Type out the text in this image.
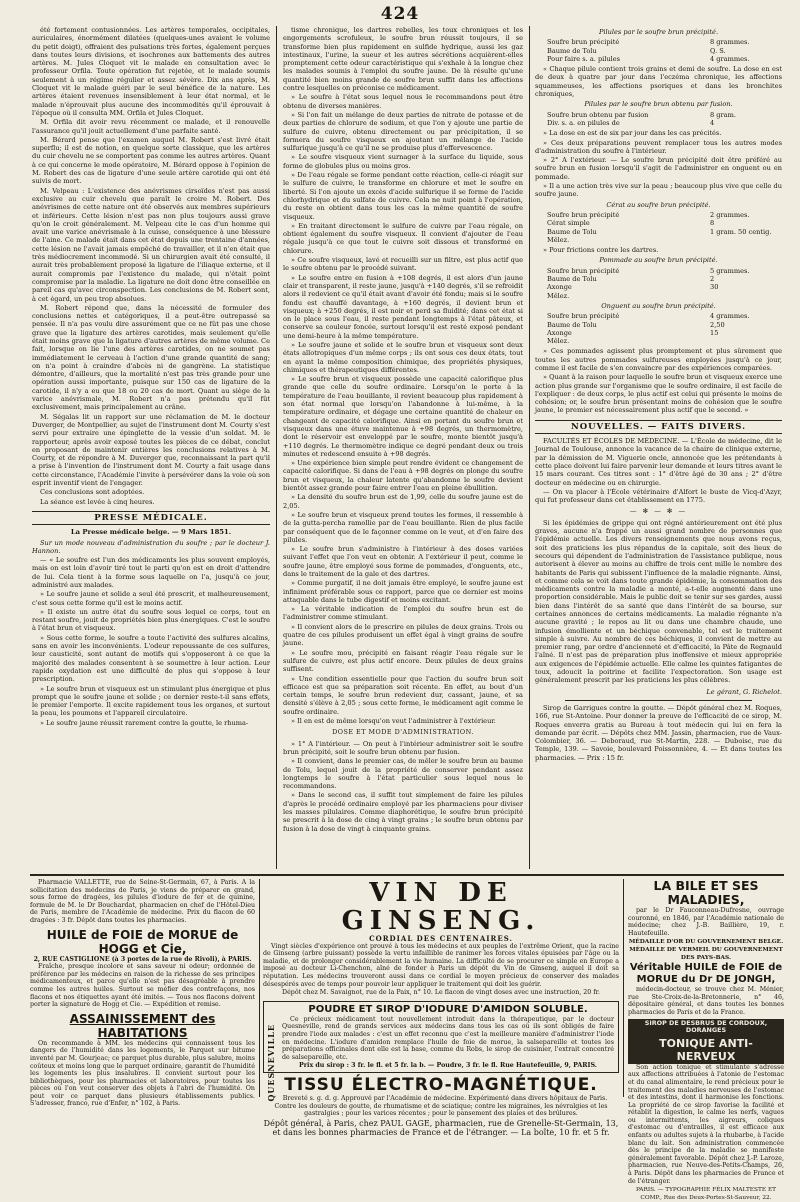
424

été fortement contusionnées. Les artères temporales, occipitales, auriculaires, énormément dilatées (quelques-unes avaient le volume du petit doigt), offraient des pulsations très fortes, également perçues dans toutes leurs divisions, et isochrones aux battements des autres artères. M. Jules Cloquet vit le malade en consultation avec le professeur Orfila. Toute opération fut rejetée, et le malade soumis seulement à un régime régulier et assez sévère. Dix ans après, M. Cloquet vit le malade guéri par le seul bénéfice de la nature. Les artères étaient revenues insensiblement à leur état normal, et le malade n'éprouvait plus aucune des incommodités qu'il éprouvait à l'époque où il consulta MM. Orfila et Jules Cloquet.

M. Orfila dit avoir revu récemment ce malade, et il renouvelle l'assurance qu'il jouit actuellement d'une parfaite santé.

M. Bérard pense que l'examen auquel M. Robert s'est livré était superflu; il est de notion, en quelque sorte classique, que les artères du cuir chevelu ne se comportent pas comme les autres artères. Quant à ce qui concerne le mode opératoire, M. Bérard oppose à l'opinion de M. Robert des cas de ligature d'une seule artère carotide qui ont été suivis de mort.

M. Velpeau : L'existence des anévrismes cirsoïdes n'est pas aussi exclusive au cuir chevelu que paraît le croire M. Robert. Des anévrismes de cette nature ont été observés aux membres supérieurs et inférieurs. Cette lésion n'est pas non plus toujours aussi grave qu'on le croit généralement. M. Velpeau cite le cas d'un homme qui avait une varice anévrismale à la cuisse, conséquence à une blessure de l'aine. Ce malade était dans cet état depuis une trentaine d'années, cette lésion ne l'avait jamais empêché de travailler, et il n'en était que très médiocrement incommodé. Si un chirurgien avait été consulté, il aurait très probablement proposé la ligature de l'iliaque externe, et il aurait compromis par l'existence du malade, qui n'était point compromise par la maladie. La ligature ne doit donc être conseillée en pareil cas qu'avec circonspection. Les conclusions de M. Robert sont, à cet égard, un peu trop absolues.

M. Robert répond que, dans la nécessité de formuler des conclusions nettes et catégoriques, il a peut-être outrepassé sa pensée. Il n'a pas voulu dire assurément que ce ne fût pas une chose grave que la ligature des artères carotides, mais seulement qu'elle était moins grave que la ligature d'autres artères de même volume. Ce fait, lorsque on lie l'une des artères carotides, on ne soumet pas immédiatement le cerveau à l'action d'une grande quantité de sang; on n'a point à craindre d'abcès ni de gangrène. La statistique démontre, d'ailleurs, que la mortalité n'est pas très grande pour une opération aussi importante, puisque sur 150 cas de ligature de la carotide, il n'y a eu que 18 ou 20 cas de mort. Quant au siège de la varice anévrismale, M. Robert n'a pas prétendu qu'il fût exclusivement, mais principalement au crâne.

M. Ségalas lit un rapport sur une réclamation de M. le docteur Duverger, de Montpellier, au sujet de l'instrument dont M. Courty s'est servi pour extraire une épinglette de la vessie d'un soldat. M. le rapporteur, après avoir exposé toutes les pièces de ce débat, conclut en proposant de maintenir entières les conclusions relatives à M. Courty, et de répondre à M. Duverger que, reconnaissant la part qu'il a prise à l'invention de l'instrument dont M. Courty a fait usage dans cette circonstance, l'Académie l'invite à persévérer dans la voie où son esprit inventif vient de l'engager.

Ces conclusions sont adoptées.

La séance est levée à cinq heures.

PRESSE MÉDICALE.
La Presse médicale belge. — 9 Mars 1851.

Sur un mode nouveau d'administration du soufre ; par le docteur J. Hannon.

— « Le soufre est l'un des médicaments les plus souvent employés, mais on est loin d'avoir tiré tout le parti qu'on est en droit d'attendre de lui. Cela tient à la forme sous laquelle on l'a, jusqu'à ce jour, administré aux malades.

» Le soufre jaune et solide a seul été prescrit, et malheureusement, c'est sous cette forme qu'il est le moins actif.

» Il existe un autre état du soufre sous lequel ce corps, tout en restant soufre, jouit de propriétés bien plus énergiques. C'est le soufre à l'état brun et visqueux.

» Sous cette forme, le soufre a toute l'activité des sulfures alcalins, sans en avoir les inconvénients. L'odeur repoussante de ces sulfures, leur causticité, sont autant de motifs qui s'opposeront à ce que la majorité des malades consentent à se soumettre à leur action. Leur rapide oxydation est une difficulté de plus qui s'oppose à leur prescription.

» Le soufre brun et visqueux est un stimulant plus énergique et plus prompt que le soufre jaune et solide ; ce dernier reste-t-il sans effets, le premier l'emporte. Il excite rapidement tous les organes, et surtout la peau, les poumons et l'appareil circulatoire.

» Le soufre jaune réussit rarement contre la goutte, le rhuma-

tisme chronique, les dartres rebelles, les toux chroniques et les engorgements scrofuleux, le soufre brun réussit toujours, il se transforme bien plus rapidement en sulfide hydrique, aussi les gaz intestinaux, l'urine, la sueur et les autres sécrétions acquièrent-elles promptement cette odeur caractéristique qui s'exhale à la longue chez les malades soumis à l'emploi du soufre jaune. De là résulte qu'une quantité bien moins grande de soufre brun suffit dans les affections contre lesquelles on préconise ce médicament.

» Le soufre à l'état sous lequel nous le recommandons peut être obtenu de diverses manières.

» Si l'on fait un mélange de deux parties de nitrate de potasse et de deux parties de chlorure de sodium, et que l'on y ajoute une partie de sulfure de cuivre, obtenu directement ou par précipitation, il se formera du soufre visqueux en ajoutant un mélange de l'acide sulfurique jusqu'à ce qu'il ne se produise plus d'effervescence.

» Le soufre visqueux vient surnager à la surface du liquide, sous forme de globules plus ou moins gros.

» De l'eau régale se forme pendant cette réaction, celle-ci réagit sur le sulfure de cuivre, le transforme en chlorure et met le soufre en liberté. Si l'on ajoute un excès d'acide sulfurique il se forme de l'acide chlorhydrique et du sulfate de cuivre. Cela ne nuit point à l'opération, du reste on obtient dans tous les cas la même quantité de soufre visqueux.

» En traitant directement le sulfure de cuivre par l'eau régale, on obtient également du soufre visqueux. Il convient d'ajouter de l'eau régale jusqu'à ce que tout le cuivre soit dissous et transformé en chlorure.

» Ce soufre visqueux, lavé et recueilli sur un filtre, est plus actif que le soufre obtenu par le procédé suivant.

» Le soufre entre en fusion à +108 degrés, il est alors d'un jaune clair et transparent, il reste jaune, jusqu'à +140 degrés, s'il se refroidit alors il redevient ce qu'il était avant d'avoir été fondu; mais si le soufre fondu est chauffé davantage, à +160 degrés, il devient brun et visqueux; à +250 degrés, il est noir et perd sa fluidité; dans cet état si on le place sous l'eau, il reste pendant longtemps à l'état pâteux, et conserve sa couleur foncée, surtout lorsqu'il est resté exposé pendant une demi-heure à la même température.

» Le soufre jaune et solide et le soufre brun et visqueux sont deux états allotropiques d'un même corps ; ils ont sous ces deux états, tout en ayant la même composition chimique, des propriétés physiques, chimiques et thérapeutiques différentes.

» Le soufre brun et visqueux possède une capacité calorifique plus grande que celle du soufre ordinaire. Lorsqu'on le porte à la température de l'eau bouillante, il revient beaucoup plus rapidement à son état normal que lorsqu'on l'abandonne à lui-même, à la température ordinaire, et dégage une certaine quantité de chaleur en changeant de capacité calorifique. Ainsi en portant du soufre brun et visqueux dans une étuve maintenue à +98 degrés, un thermomètre, dont le réservoir est enveloppé par le soufre, monte bientôt jusqu'à +110 degrés. Le thermomètre indique ce degré pendant deux ou trois minutes et redescend ensuite à +98 degrés.

» Une expérience bien simple peut rendre évident ce changement de capacité calorifique. Si dans de l'eau à +98 degrés on plonge du soufre brun et visqueux, la chaleur latente qu'abandonne le soufre devient bientôt assez grande pour faire entrer l'eau en pleine ébullition.

» La densité du soufre brun est de 1,99, celle du soufre jaune est de 2,05.

» Le soufre brun et visqueux prend toutes les formes, il ressemble à de la gutta-percha ramollie par de l'eau bouillante. Rien de plus facile par conséquent que de le façonner comme on le veut, et d'en faire des pilules.

» Le soufre brun s'administre à l'intérieur à des doses variées suivant l'effet que l'on veut en obtenir. A l'extérieur il peut, comme le soufre jaune, être employé sous forme de pommades, d'onguents, etc., dans le traitement de la gale et des dartres.

» Comme purgatif, il ne doit jamais être employé, le soufre jaune est infiniment préférable sous ce rapport, parce que ce dernier est moins attaquable dans le tube digestif et moins excitant.

» La véritable indication de l'emploi du soufre brun est de l'administrer comme stimulant.

» Il convient alors de le prescrire en pilules de deux grains. Trois ou quatre de ces pilules produisent un effet égal à vingt grains de soufre jaune.

» Le soufre mou, précipité en faisant réagir l'eau régale sur le sulfure de cuivre, est plus actif encore. Deux pilules de deux grains suffisent.

» Une condition essentielle pour que l'action du soufre brun soit efficace est que sa préparation soit récente. En effet, au bout d'un certain temps, le soufre brun redevient dur, cassant, jaune, et sa densité s'élève à 2,05 ; sous cette forme, le médicament agit comme le soufre ordinaire.

» Il en est de même lorsqu'on veut l'administrer à l'extérieur.

DOSE ET MODE D'ADMINISTRATION.

» 1° A l'intérieur. — On peut à l'intérieur administrer soit le soufre brun précipité, soit le soufre brun obtenu par fusion.

» Il convient, dans le premier cas, de mêler le soufre brun au baume de Tolu, lequel jouit de la propriété de conserver pendant assez longtemps le soufre à l'état particulier sous lequel nous le recommandons.

» Dans le second cas, il suffit tout simplement de faire les pilules d'après le procédé ordinaire employé par les pharmaciens pour diviser les masses pilulaires. Comme diaphorétique, le soufre brun précipité se prescrit à la dose de cinq à vingt grains ; le soufre brun obtenu par fusion à la dose de vingt à cinquante grains.

Pilules par le soufre brun précipité.
Soufre brun précipité	8 grammes.
Baume de Tolu	Q. S.
Pour faire s. a. pilules	4 grammes.

« Chaque pilule contient trois grains et demi de soufre. La dose en est de deux à quatre par jour dans l'eczéma chronique, les affections squammeuses, les affections psoriques et dans les bronchites chroniques,

Pilules par le soufre brun obtenu par fusion.
Soufre brun obtenu par fusion	8 gram.
Div. s. a. en pilules de	4

» La dose en est de six par jour dans les cas précités.

» Ces deux préparations peuvent remplacer tous les autres modes d'administration du soufre à l'intérieur.

» 2° A l'extérieur. — Le soufre brun précipité doit être préféré au soufre brun en fusion lorsqu'il s'agit de l'administrer en onguent ou en pommade.

» Il a une action très vive sur la peau ; beaucoup plus vive que celle du soufre jaune.

Cérat au soufre brun précipité.
Soufre brun précipité	2 grammes.
Cérat simple	8
Baume de Tolu	1 gram. 50 centig.
Mêlez.

» Pour frictions contre les dartres.

Pommade au soufre brun précipité.
Soufre brun précipité	5 grammes.
Baume de Tolu	2
Axonge	30
Mêlez.
Onguent au soufre brun précipité.
Soufre brun précipité	4 grammes.
Baume de Tolu	2,50
Axonge	15
Mêlez.

» Ces pommades agissent plus promptement et plus sûrement que toutes les autres pommades sulfureuses employées jusqu'à ce jour, comme il est facile de s'en convaincre par des expériences comparées.

» Quant à la raison pour laquelle le soufre brun et visqueux exerce une action plus grande sur l'organisme que le soufre ordinaire, il est facile de l'expliquer : de deux corps, le plus actif est celui qui présente le moins de cohésion; or, le soufre brun présentant moins de cohésion que le soufre jaune, le premier est nécessairement plus actif que le second. »

NOUVELLES. — FAITS DIVERS.

FACULTÉS ET ÉCOLES DE MÉDECINE. — L'École de médecine, dit le Journal de Toulouse, annonce la vacance de la chaire de clinique externe, par la démission de M. Viguerie oncle, annoncée que les prétendants à cette place doivent lui faire parvenir leur demande et leurs titres avant le 15 mars courant. Ces titres sont : 1° d'être âgé de 30 ans ; 2° d'être docteur en médecine ou en chirurgie.

— On va placer à l'École vétérinaire d'Alfort le buste de Vicq-d'Azyr, qui fut professeur dans cet établissement en 1775.

— ✻ — ✻ —

Si les épidémies de grippe qui ont régné antérieurement ont été plus graves, aucune n'a frappé un aussi grand nombre de personnes que l'épidémie actuelle. Les divers renseignements que nous avons reçus, soit des praticiens les plus répandus de la capitale, soit des lieux de secours qui dépendent de l'administration de l'assistance publique, nous autorisent à élever au moins au chiffre de trois cent mille le nombre des habitants de Paris qui subissent l'influence de la maladie régnante. Ainsi, et comme cela se voit dans toute grande épidémie, la consommation des médicaments contre la maladie a monté, a-t-elle augmenté dans une proportion considérable. Mais le public doit se tenir sur ses gardes, aussi bien dans l'intérêt de sa santé que dans l'intérêt de sa bourse, sur certaines annonces de certains médicaments. La maladie régnante n'a aucune gravité ; le repos au lit ou dans une chambre chaude, une infusion émolliente et un béchique convenable, tel est le traitement simple à suivre. Au nombre de ces béchiques, il convient de mettre au premier rang, par ordre d'ancienneté et d'efficacité, la Pâte de Regnauld l'aîné. Il n'est pas de préparation plus inoffensive et mieux appropriée aux exigences de l'épidémie actuelle. Elle calme les quintes fatigantes de toux, adoucit la poitrine et facilite l'expectoration. Son usage est généralement prescrit par les praticiens les plus célèbres.

Le gérant, G. Richelot.

Sirop de Garrigues contre la goutte. — Dépôt général chez M. Roques, 166, rue St-Antoine. Pour donner la preuve de l'efficacité de ce sirop, M. Roques enverra gratis au Bureau à tout médecin qui lui en fera la demande par écrit. — Dépôts chez MM. Jassin, pharmacien, rue de Vaux-Colombier, 36. — Deboraud, rue St-Martin, 228. — Duboisc, rue du Temple, 139. — Savoie, boulevard Poissonnière, 4. — Et dans toutes les pharmacies. — Prix : 15 fr.

Pharmacie VALLETTE, rue de Seine-St-Germain, 67, à Paris. A la sollicitation des médecins de Paris, je viens de préparer en grand, sous forme de dragées, les pilules d'iodure de fer et de quinine, formule de M. le Dr Bouchardat, pharmacien en chef de l'Hôtel-Dieu de Paris, membre de l'Académie de médecine. Prix du flacon de 60 dragées : 3 fr. Dépôt dans toutes les pharmacies.

HUILE de FOIE de MORUE de HOGG et Cie,
2, RUE CASTIGLIONE (à 3 portes de la rue de Rivoli), à PARIS.

Fraîche, presque incolore et sans saveur ni odeur; ordonnée de préférence par les médecins en raison de la richesse de ses principes médicamenteux, et parce qu'elle n'est pas désagréable à prendre comme les autres huiles. Surtout se méfier des contrefaçons, nos flacons et nos étiquettes ayant été imités. — Tous nos flacons doivent porter la signature de Hogg et Cie. — Expédition et remise.

ASSAINISSEMENT des HABITATIONS

On recommande à MM. les médecins qui connaissent tous les dangers de l'humidité dans les logements, le Parquet sur bitume inventé par M. Gourjeac; ce parquet plus durable, plus salubre, moins coûteux et moins long que le parquet ordinaire, garantit de l'humidité les logements les plus insalubres. Il convient surtout pour les bibliothèques, pour les pharmacies et laboratoires, pour toutes les pièces où l'on veut conserver des objets à l'abri de l'humidité. On peut voir ce parquet dans plusieurs établissements publics. S'adresser, franco, rue d'Enfer, n° 102, à Paris.

VIN DE GINSENG.
CORDIAL DES CENTENAIRES.

Vingt siècles d'expérience ont prouvé à tous les médecins et aux peuples de l'extrême Orient, que la racine de Ginseng (arbre puissant) possède la vertu infaillible de ranimer les forces vitales épuisées par l'âge ou la maladie, et de prolonger considérablement la vie humaine. La difficulté de se procurer ce simple en Europe a imposé au docteur Li-Chenchon, aîné de fonder à Paris un dépôt du Vin de Ginseng, auquel il doit sa réputation. Les médecins trouveront aussi dans ce cordial le moyen précieux de conserver des malades désespérés avec de temps pour pouvoir leur appliquer le traitement qui doit les guérir.

Dépôt chez M. Savaignot, rue de la Paix, n° 10. Le flacon de vingt doses avec une instruction, 20 fr.
QUESNEVILLE
POUDRE ET SIROP D'IODURE D'AMIDON SOLUBLE.

Ce précieux médicament tout nouvellement introduit dans la thérapeutique, par le docteur Quesneville, rend de grands services aux médecins dans tous les cas où ils sont obligés de faire prendre l'iode aux malades : c'est un effet reconnu que c'est la meilleure manière d'administrer l'iode en médecine. L'iodure d'amidon remplace l'huile de foie de morue, la salsepareille et toutes les préparations officinales dont elle est la base, comme du Robs, le sirop de cuisinier, l'extrait concentré de salsepareille, etc.

Prix du sirop : 3 fr. le fl. et 5 fr. la b. — Poudre, 3 fr. le fl. Rue Hautefeuille, 9, PARIS.
TISSU ÉLECTRO-MAGNÉTIQUE.

Breveté s. g. d. g. Approuvé par l'Académie de médecine. Expérimenté dans divers hôpitaux de Paris. Contre les douleurs de goutte, de rhumatisme et de sciatique; contre les migraines, les névralgies et les gastralgies ; pour les varices récentes ; pour le pansement des plaies et des brûlures.

Dépôt général, à Paris, chez PAUL GAGE, pharmacien, rue de Grenelle-St-Germain, 13, et dans les bonnes pharmacies de France et de l'étranger. — La boîte, 10 fr. et 5 fr.

LA BILE ET SES MALADIES,

par le Dr Fauconneau-Dufresne, ouvrage couronné, en 1846, par l'Académie nationale de médecine; chez J.-B. Baillière, 19, r. Hautefeuille.

MÉDAILLE D'OR DU GOUVERNEMENT BELGE. MÉDAILLE DE VERMEIL DU GOUVERNEMENT DES PAYS-BAS.
Véritable HUILE de FOIE de MORUE du Dr DE JONGH,

médecin-docteur, se trouve chez M. Ménier, rue Ste-Croix-de-la-Bretonnerie, n° 46, dépositaire général, et dans toutes les bonnes pharmacies de Paris et de la France.

SIROP DE DESBRUS DE CORDOUX, DORANGES
TONIQUE ANTI-NERVEUX

Son action tonique et stimulante s'adresse aux affections attribuées à l'atonie de l'estomac et du canal alimentaire, le rend précieux pour le traitement des maladies nerveuses de l'estomac et des intestins, dont il harmonise les fonctions. La propriété de ce sirop favorise la facilité et rétablit la digestion, le calme les nerfs, vagues ou intermittents, les aigreurs, coliques d'estomac ou d'entrailles, il est efficace aux enfants ou adultes sujets à la rhubarbe, à l'acide blanc du lait. Son administration commencée dès le principe de la maladie se manifeste généralement favorable. Dépôt chez J.-P. Laroze, pharmacien, rue Neuve-des-Petits-Champs, 26, à Paris. Dépôt dans les pharmacies de France et de l'étranger.

PARIS. — TYPOGRAPHIE FÉLIX MALTESTE ET COMP., Rue des Deux-Portes-St-Sauveur, 22.
